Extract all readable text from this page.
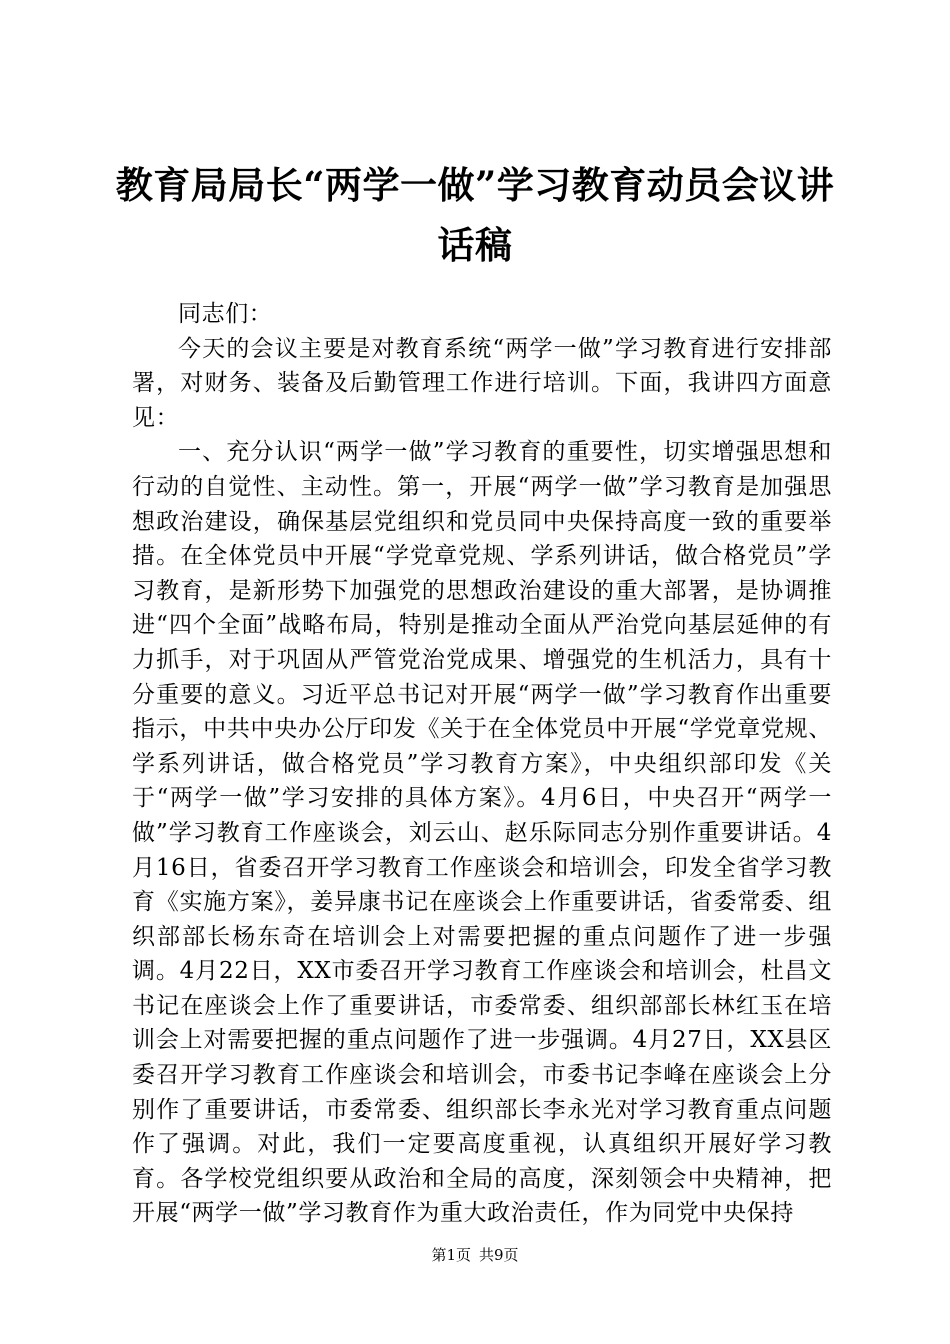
教育局局长“两学一做”学习教育动员会议讲话稿

同志们：

今天的会议主要是对教育系统“两学一做”学习教育进行安排部署，对财务、装备及后勤管理工作进行培训。下面，我讲四方面意见：

一、充分认识“两学一做”学习教育的重要性，切实增强思想和行动的自觉性、主动性。第一，开展“两学一做”学习教育是加强思想政治建设，确保基层党组织和党员同中央保持高度一致的重要举措。在全体党员中开展“学党章党规、学系列讲话，做合格党员”学习教育，是新形势下加强党的思想政治建设的重大部署，是协调推进“四个全面”战略布局，特别是推动全面从严治党向基层延伸的有力抓手，对于巩固从严管党治党成果、增强党的生机活力，具有十分重要的意义。习近平总书记对开展“两学一做”学习教育作出重要指示，中共中央办公厅印发《关于在全体党员中开展“学党章党规、学系列讲话，做合格党员”学习教育方案》，中央组织部印发《关于“两学一做”学习安排的具体方案》。4月6日，中央召开“两学一做”学习教育工作座谈会，刘云山、赵乐际同志分别作重要讲话。4月16日，省委召开学习教育工作座谈会和培训会，印发全省学习教育《实施方案》，姜异康书记在座谈会上作重要讲话，省委常委、组织部部长杨东奇在培训会上对需要把握的重点问题作了进一步强调。4月22日，XX市委召开学习教育工作座谈会和培训会，杜昌文书记在座谈会上作了重要讲话，市委常委、组织部部长林红玉在培训会上对需要把握的重点问题作了进一步强调。4月27日，XX县区委召开学习教育工作座谈会和培训会，市委书记李峰在座谈会上分别作了重要讲话，市委常委、组织部长李永光对学习教育重点问题作了强调。对此，我们一定要高度重视，认真组织开展好学习教育。各学校党组织要从政治和全局的高度，深刻领会中央精神，把开展“两学一做”学习教育作为重大政治责任，作为同党中央保持

第1页 共9页
